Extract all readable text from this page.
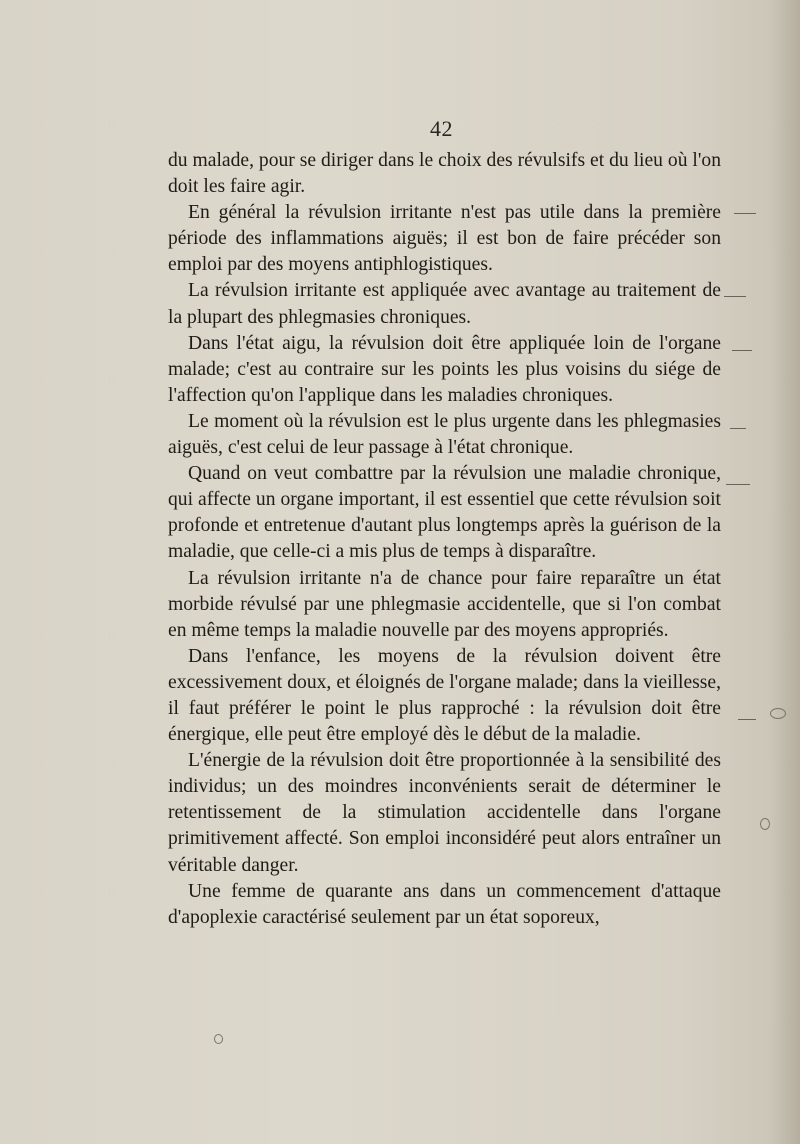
42

du malade, pour se diriger dans le choix des révulsifs et du lieu où l'on doit les faire agir.

En général la révulsion irritante n'est pas utile dans la première période des inflammations aiguës; il est bon de faire précéder son emploi par des moyens antiphlogistiques.

La révulsion irritante est appliquée avec avantage au traitement de la plupart des phlegmasies chroniques.

Dans l'état aigu, la révulsion doit être appliquée loin de l'organe malade; c'est au contraire sur les points les plus voisins du siége de l'affection qu'on l'applique dans les maladies chroniques.

Le moment où la révulsion est le plus urgente dans les phlegmasies aiguës, c'est celui de leur passage à l'état chronique.

Quand on veut combattre par la révulsion une maladie chronique, qui affecte un organe important, il est essentiel que cette révulsion soit profonde et entretenue d'autant plus longtemps après la guérison de la maladie, que celle-ci a mis plus de temps à disparaître.

La révulsion irritante n'a de chance pour faire reparaître un état morbide révulsé par une phlegmasie accidentelle, que si l'on combat en même temps la maladie nouvelle par des moyens appropriés.

Dans l'enfance, les moyens de la révulsion doivent être excessivement doux, et éloignés de l'organe malade; dans la vieillesse, il faut préférer le point le plus rapproché : la révulsion doit être énergique, elle peut être employé dès le début de la maladie.

L'énergie de la révulsion doit être proportionnée à la sensibilité des individus; un des moindres inconvénients serait de déterminer le retentissement de la stimulation accidentelle dans l'organe primitivement affecté. Son emploi inconsidéré peut alors entraîner un véritable danger.

Une femme de quarante ans dans un commencement d'attaque d'apoplexie caractérisé seulement par un état soporeux,
